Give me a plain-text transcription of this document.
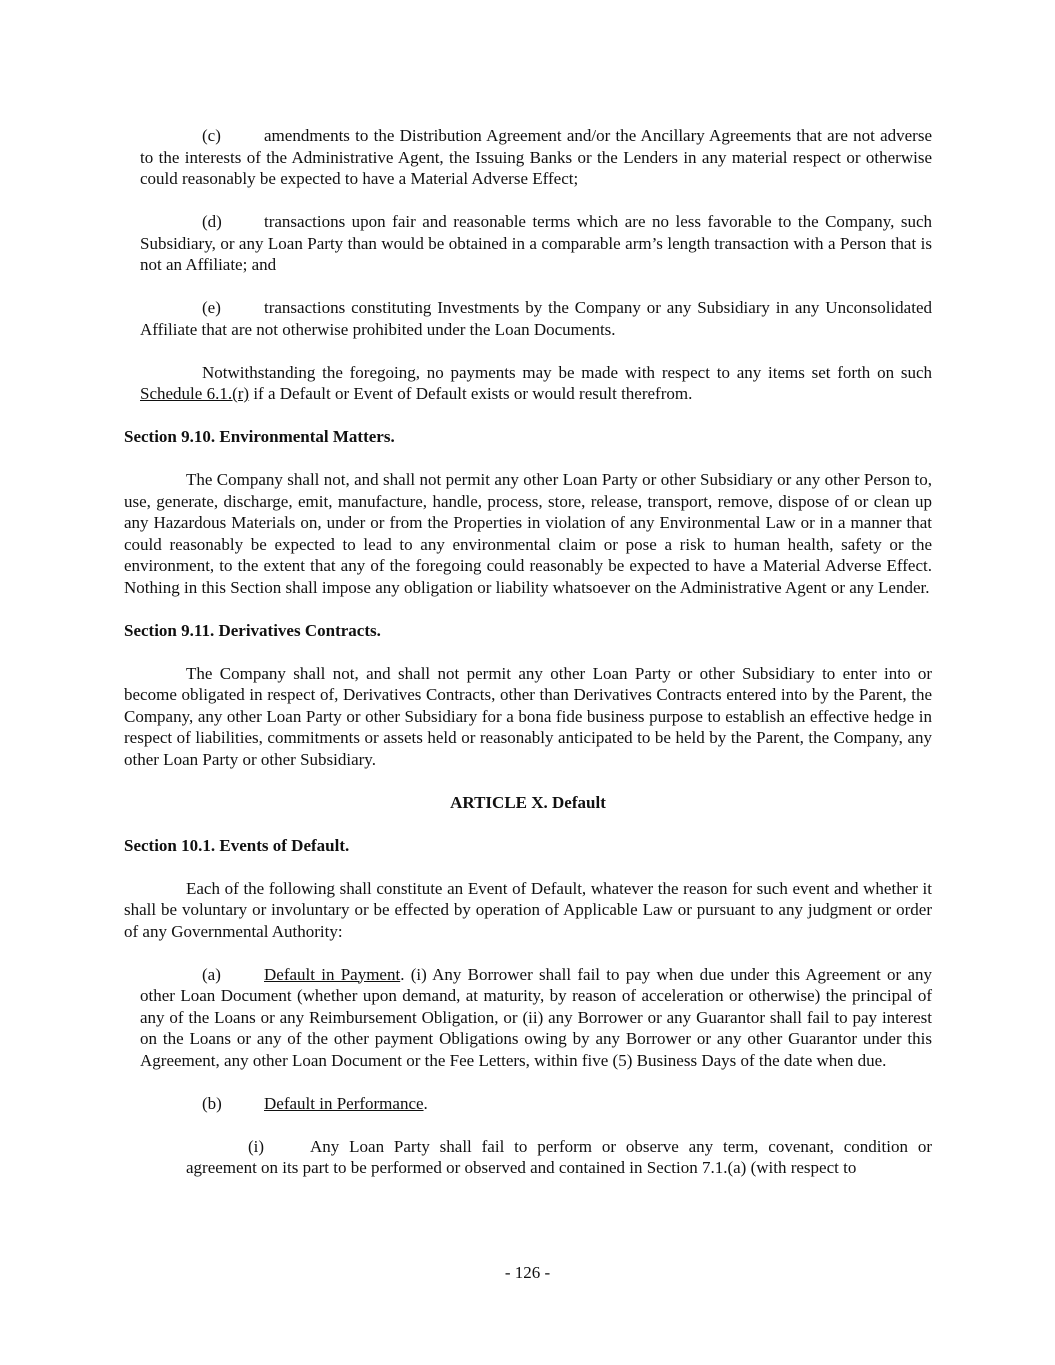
(c)	amendments to the Distribution Agreement and/or the Ancillary Agreements that are not adverse to the interests of the Administrative Agent, the Issuing Banks or the Lenders in any material respect or otherwise could reasonably be expected to have a Material Adverse Effect;

(d) transactions upon fair and reasonable terms which are no less favorable to the Company, such Subsidiary, or any Loan Party than would be obtained in a comparable arm’s length transaction with a Person that is not an Affiliate; and

(e)	transactions constituting Investments by the Company or any Subsidiary in any Unconsolidated Affiliate that are not otherwise prohibited under the Loan Documents.

Notwithstanding the foregoing, no payments may be made with respect to any items set forth on such Schedule 6.1.(r) if a Default or Event of Default exists or would result therefrom.

Section 9.10. Environmental Matters.

The Company shall not, and shall not permit any other Loan Party or other Subsidiary or any other Person to, use, generate, discharge, emit, manufacture, handle, process, store, release, transport, remove, dispose of or clean up any Hazardous Materials on, under or from the Properties in violation of any Environmental Law or in a manner that could reasonably be expected to lead to any environmental claim or pose a risk to human health, safety or the environment, to the extent that any of the foregoing could reasonably be expected to have a Material Adverse Effect. Nothing in this Section shall impose any obligation or liability whatsoever on the Administrative Agent or any Lender.

Section 9.11. Derivatives Contracts.

The Company shall not, and shall not permit any other Loan Party or other Subsidiary to enter into or become obligated in respect of, Derivatives Contracts, other than Derivatives Contracts entered into by the Parent, the Company, any other Loan Party or other Subsidiary for a bona fide business purpose to establish an effective hedge in respect of liabilities, commitments or assets held or reasonably anticipated to be held by the Parent, the Company, any other Loan Party or other Subsidiary.

ARTICLE X. Default

Section 10.1. Events of Default.

Each of the following shall constitute an Event of Default, whatever the reason for such event and whether it shall be voluntary or involuntary or be effected by operation of Applicable Law or pursuant to any judgment or order of any Governmental Authority:

(a)	Default in Payment. (i) Any Borrower shall fail to pay when due under this Agreement or any other Loan Document (whether upon demand, at maturity, by reason of acceleration or otherwise) the principal of any of the Loans or any Reimbursement Obligation, or (ii) any Borrower or any Guarantor shall fail to pay interest on the Loans or any of the other payment Obligations owing by any Borrower or any other Guarantor under this Agreement, any other Loan Document or the Fee Letters, within five (5) Business Days of the date when due.

(b) Default in Performance.

(i)	Any Loan Party shall fail to perform or observe any term, covenant, condition or agreement on its part to be performed or observed and contained in Section 7.1.(a) (with respect to

- 126 -
